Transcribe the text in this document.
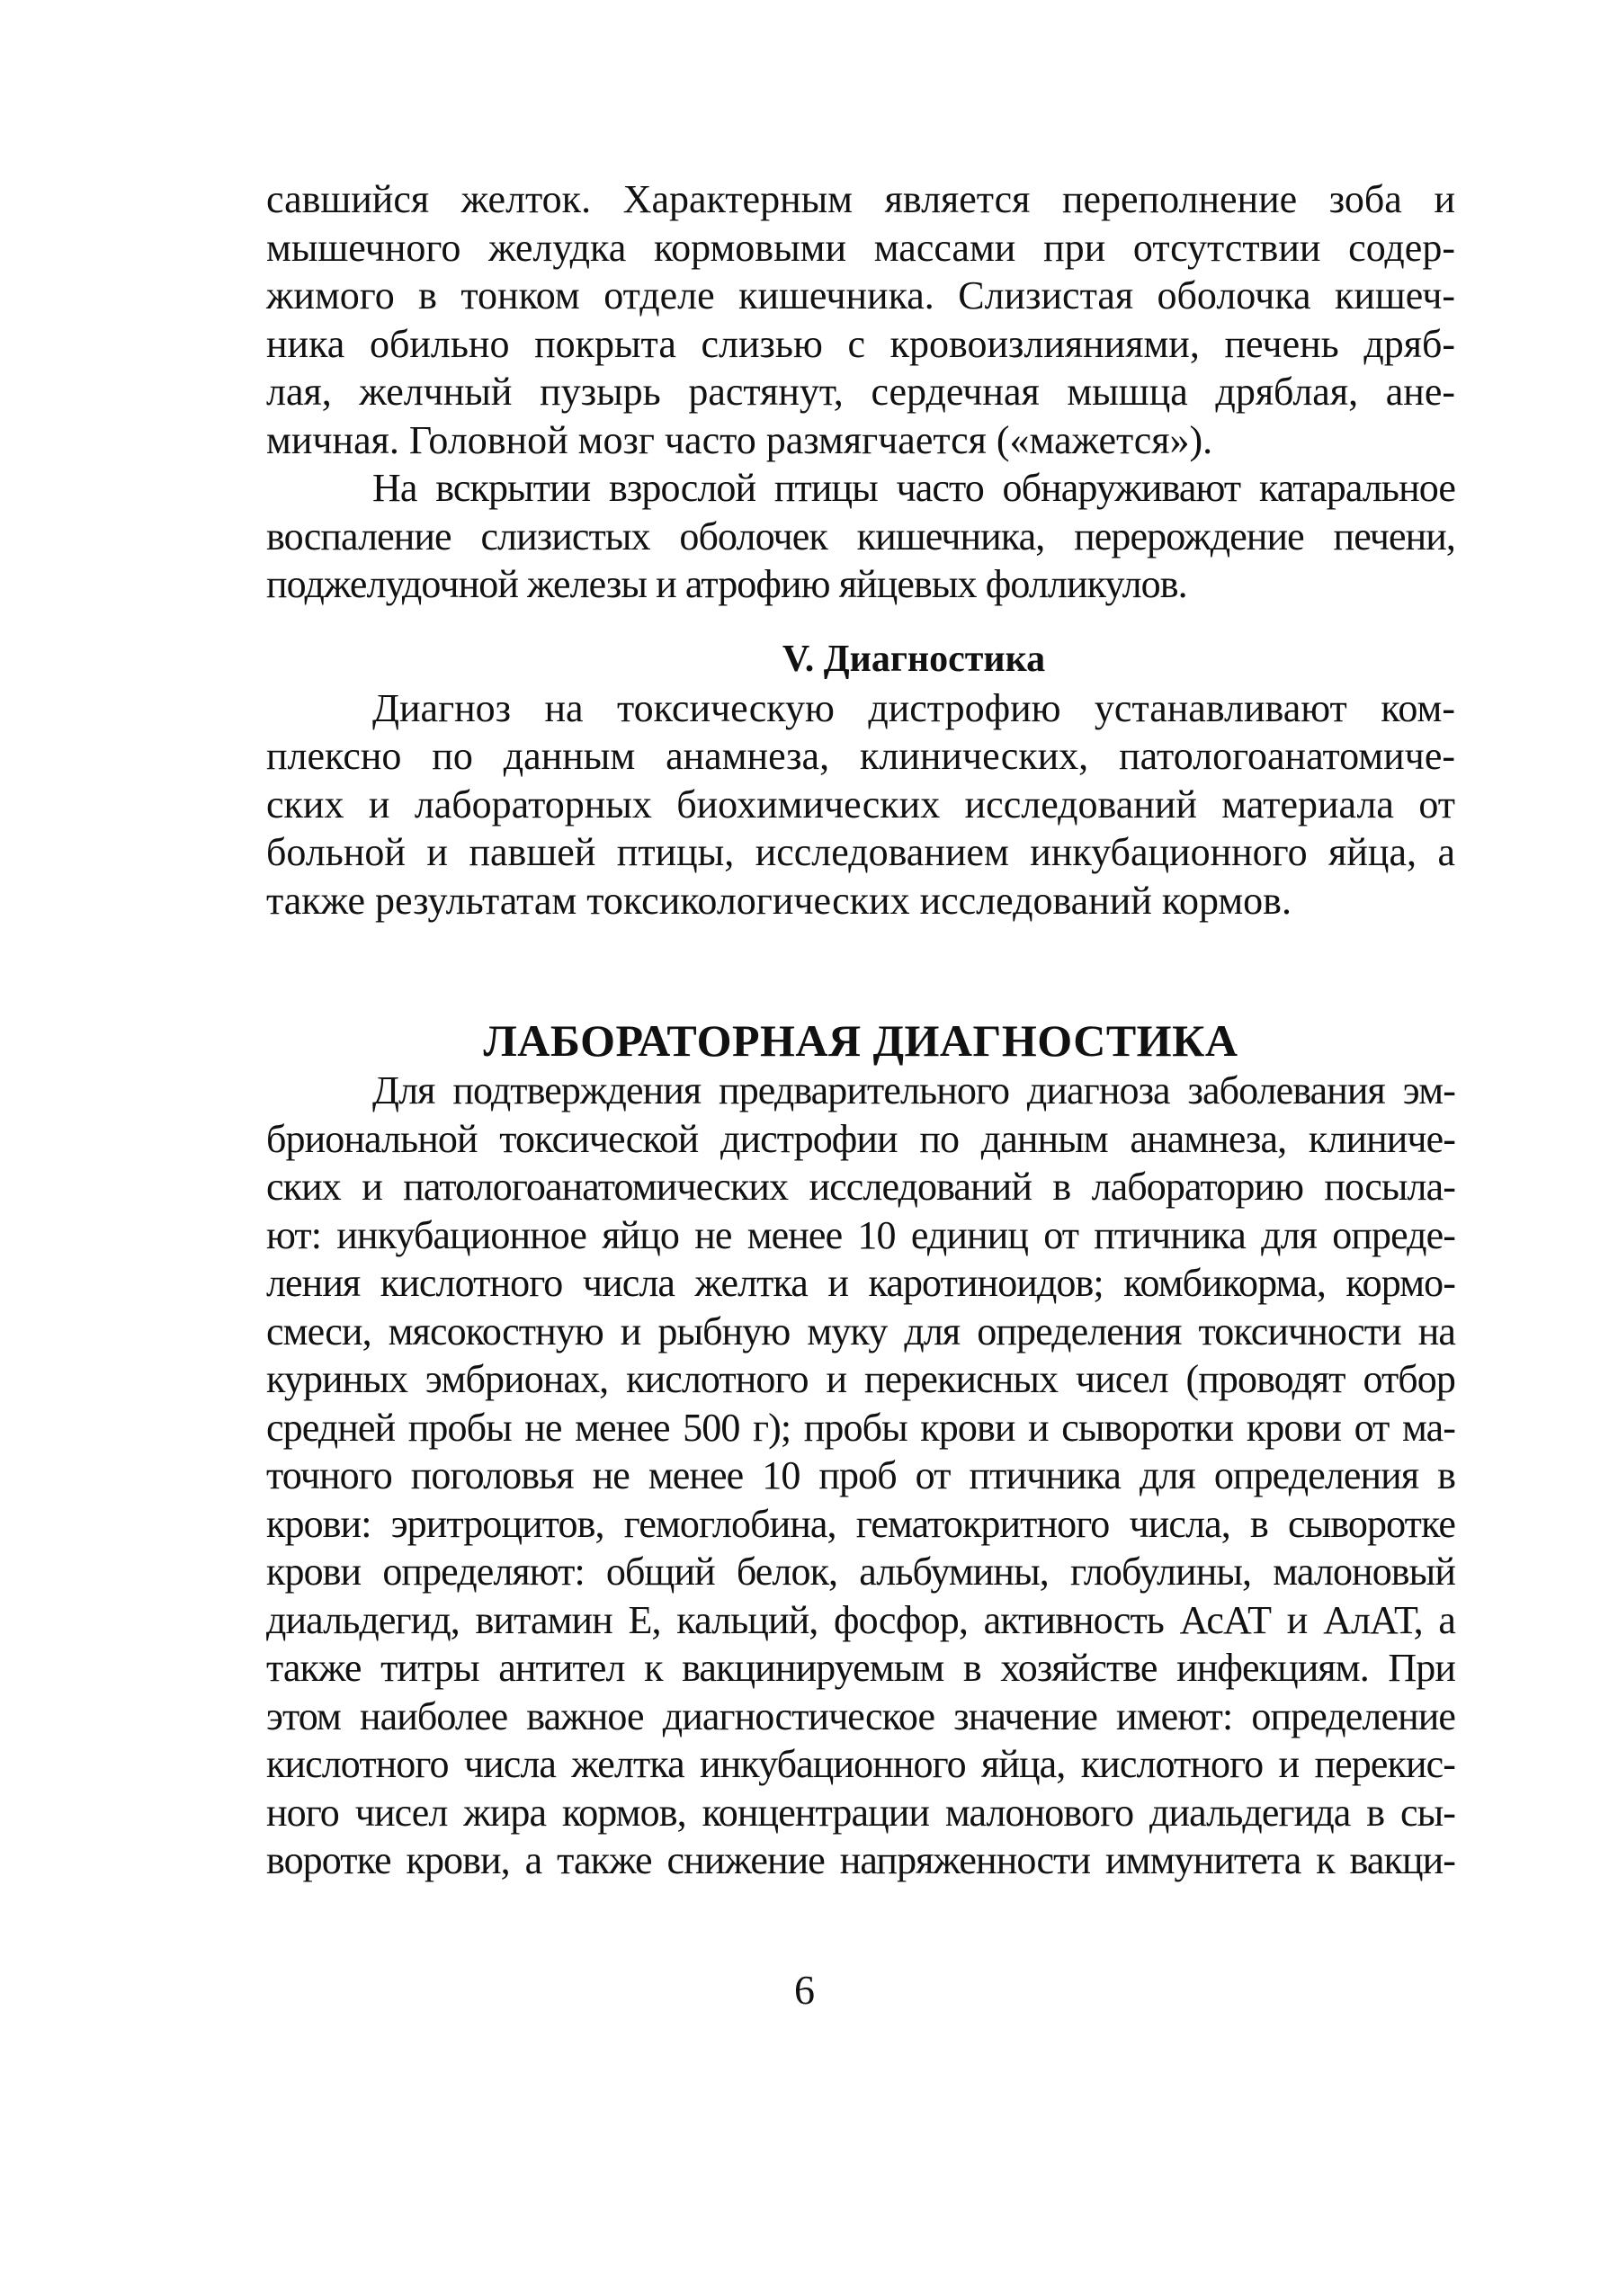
савшийся желток. Характерным является переполнение зоба и
мышечного желудка кормовыми массами при отсутствии содер-
жимого в тонком отделе кишечника. Слизистая оболочка кишеч-
ника обильно покрыта слизью с кровоизлияниями, печень дряб-
лая, желчный пузырь растянут, сердечная мышца дряблая, ане-
мичная. Головной мозг часто размягчается («мажется»).
На вскрытии взрослой птицы часто обнаруживают катаральное
воспаление слизистых оболочек кишечника, перерождение печени,
поджелудочной железы и атрофию яйцевых фолликулов.
V. Диагностика
Диагноз на токсическую дистрофию устанавливают ком-
плексно по данным анамнеза, клинических, патологоанатомиче-
ских и лабораторных биохимических исследований материала от
больной и павшей птицы, исследованием инкубационного яйца, а
также результатам токсикологических исследований кормов.
ЛАБОРАТОРНАЯ ДИАГНОСТИКА
Для подтверждения предварительного диагноза заболевания эм-
бриональной токсической дистрофии по данным анамнеза, клиниче-
ских и патологоанатомических исследований в лабораторию посыла-
ют: инкубационное яйцо не менее 10 единиц от птичника для опреде-
ления кислотного числа желтка и каротиноидов; комбикорма, кормо-
смеси, мясокостную и рыбную муку для определения токсичности на
куриных эмбрионах, кислотного и перекисных чисел (проводят отбор
средней пробы не менее 500 г); пробы крови и сыворотки крови от ма-
точного поголовья не менее 10 проб от птичника для определения в
крови: эритроцитов, гемоглобина, гематокритного числа, в сыворотке
крови определяют: общий белок, альбумины, глобулины, малоновый
диальдегид, витамин Е, кальций, фосфор, активность АсАТ и АлАТ, а
также титры антител к вакцинируемым в хозяйстве инфекциям. При
этом наиболее важное диагностическое значение имеют: определение
кислотного числа желтка инкубационного яйца, кислотного и перекис-
ного чисел жира кормов, концентрации малонового диальдегида в сы-
воротке крови, а также снижение напряженности иммунитета к вакци-
6
